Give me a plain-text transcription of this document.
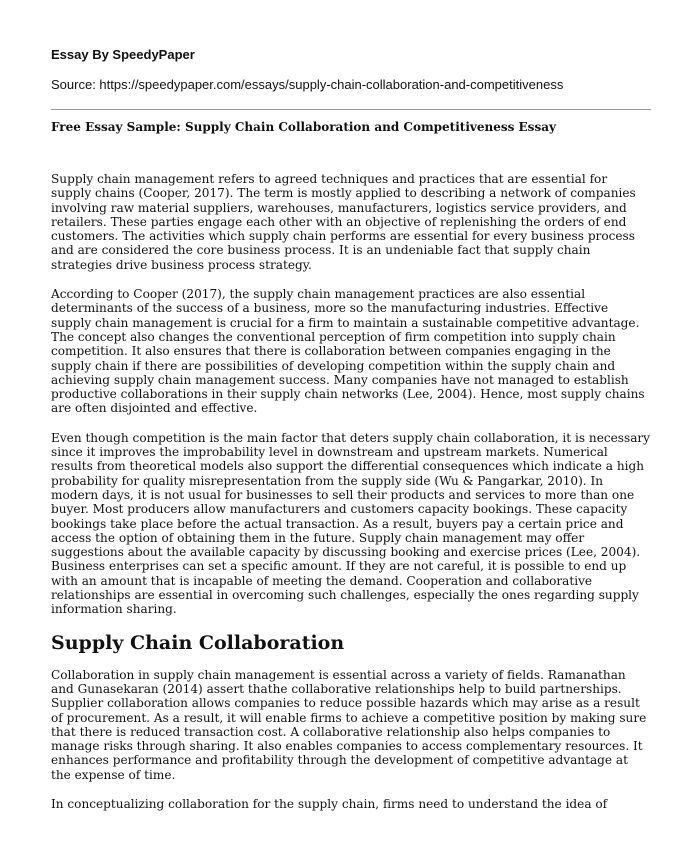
Essay By SpeedyPaper
Source: https://speedypaper.com/essays/supply-chain-collaboration-and-competitiveness
Free Essay Sample: Supply Chain Collaboration and Competitiveness Essay

Supply chain management refers to agreed techniques and practices that are essential for supply chains (Cooper, 2017). The term is mostly applied to describing a network of companies involving raw material suppliers, warehouses, manufacturers, logistics service providers, and retailers. These parties engage each other with an objective of replenishing the orders of end customers. The activities which supply chain performs are essential for every business process and are considered the core business process. It is an undeniable fact that supply chain strategies drive business process strategy.

According to Cooper (2017), the supply chain management practices are also essential determinants of the success of a business, more so the manufacturing industries. Effective supply chain management is crucial for a firm to maintain a sustainable competitive advantage. The concept also changes the conventional perception of firm competition into supply chain competition. It also ensures that there is collaboration between companies engaging in the supply chain if there are possibilities of developing competition within the supply chain and achieving supply chain management success. Many companies have not managed to establish productive collaborations in their supply chain networks (Lee, 2004). Hence, most supply chains are often disjointed and effective.

Even though competition is the main factor that deters supply chain collaboration, it is necessary since it improves the improbability level in downstream and upstream markets. Numerical results from theoretical models also support the differential consequences which indicate a high probability for quality misrepresentation from the supply side (Wu & Pangarkar, 2010). In modern days, it is not usual for businesses to sell their products and services to more than one buyer. Most producers allow manufacturers and customers capacity bookings. These capacity bookings take place before the actual transaction. As a result, buyers pay a certain price and access the option of obtaining them in the future. Supply chain management may offer suggestions about the available capacity by discussing booking and exercise prices (Lee, 2004). Business enterprises can set a specific amount. If they are not careful, it is possible to end up with an amount that is incapable of meeting the demand. Cooperation and collaborative relationships are essential in overcoming such challenges, especially the ones regarding supply information sharing.

Supply Chain Collaboration

Collaboration in supply chain management is essential across a variety of fields. Ramanathan and Gunasekaran (2014) assert thathe collaborative relationships help to build partnerships. Supplier collaboration allows companies to reduce possible hazards which may arise as a result of procurement. As a result, it will enable firms to achieve a competitive position by making sure that there is reduced transaction cost. A collaborative relationship also helps companies to manage risks through sharing. It also enables companies to access complementary resources. It enhances performance and profitability through the development of competitive advantage at the expense of time.

In conceptualizing collaboration for the supply chain, firms need to understand the idea of
